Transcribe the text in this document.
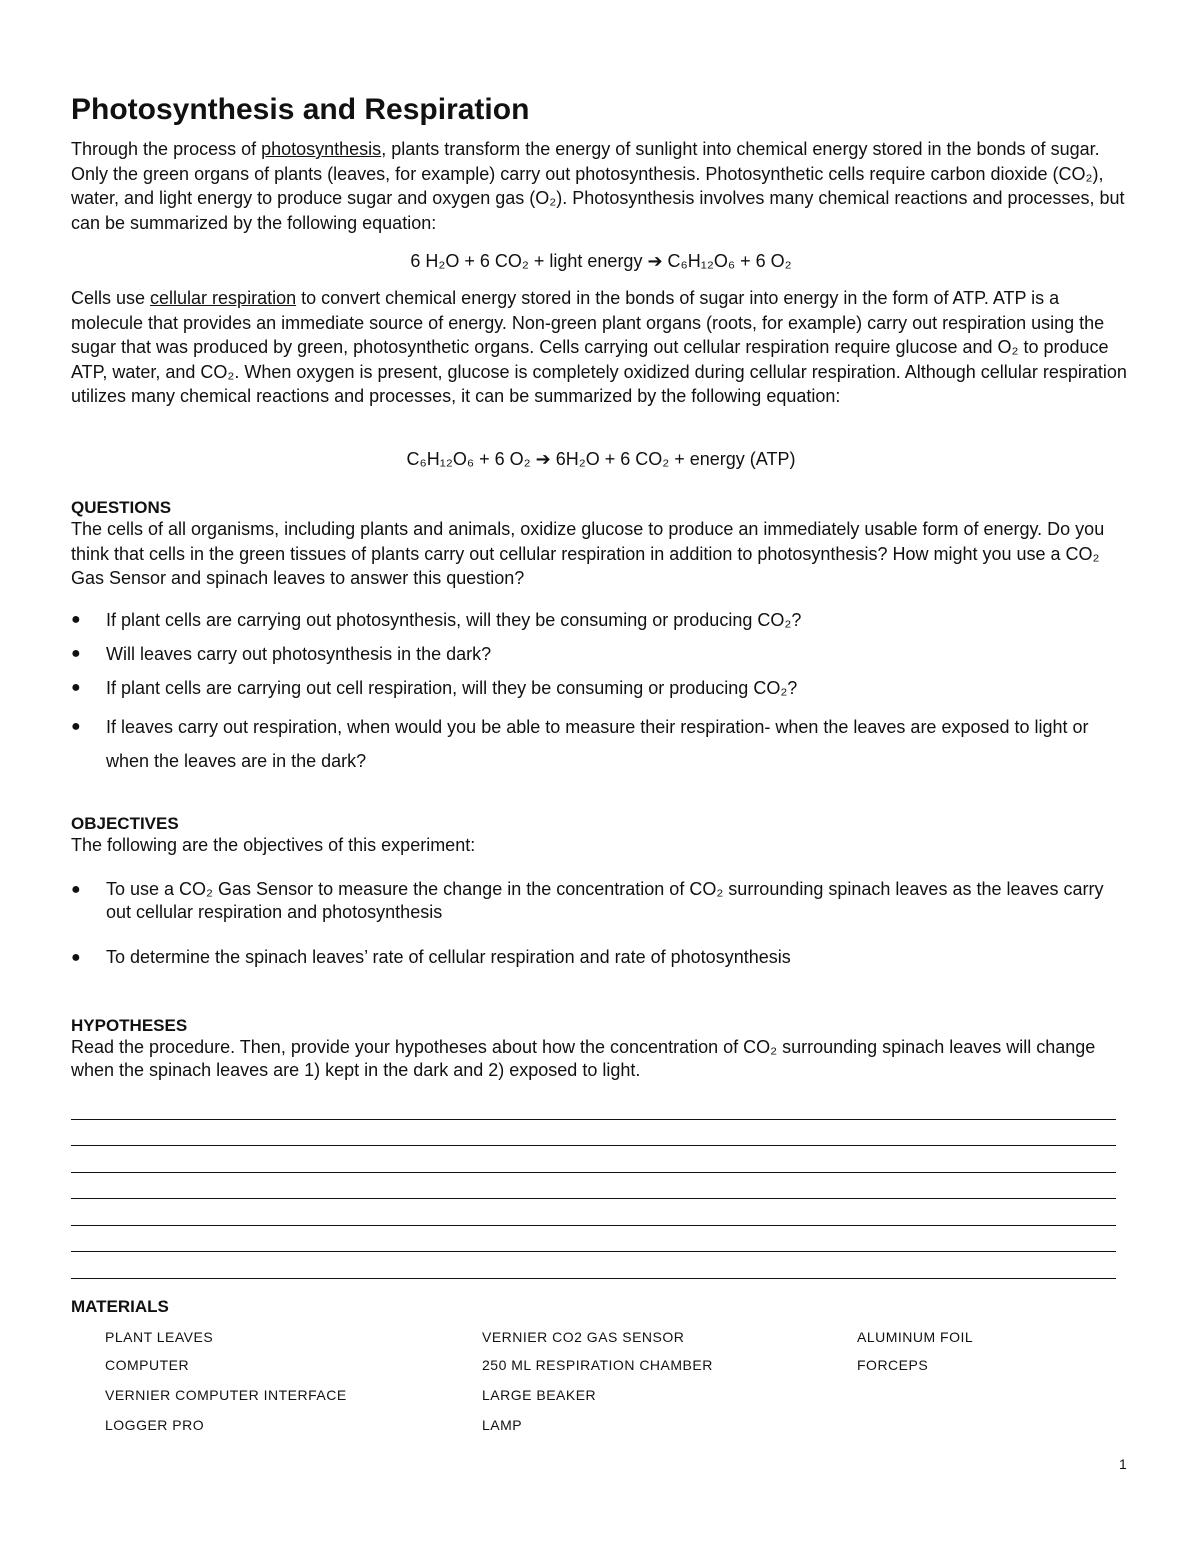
Photosynthesis and Respiration

Through the process of photosynthesis, plants transform the energy of sunlight into chemical energy stored in the bonds of sugar. Only the green organs of plants (leaves, for example) carry out photosynthesis. Photosynthetic cells require carbon dioxide (CO₂), water, and light energy to produce sugar and oxygen gas (O₂). Photosynthesis involves many chemical reactions and processes, but can be summarized by the following equation:

6 H₂O + 6 CO₂ + light energy ➔ C₆H₁₂O₆ + 6 O₂

Cells use cellular respiration to convert chemical energy stored in the bonds of sugar into energy in the form of ATP. ATP is a molecule that provides an immediate source of energy. Non-green plant organs (roots, for example) carry out respiration using the sugar that was produced by green, photosynthetic organs. Cells carrying out cellular respiration require glucose and O₂ to produce ATP, water, and CO₂. When oxygen is present, glucose is completely oxidized during cellular respiration. Although cellular respiration utilizes many chemical reactions and processes, it can be summarized by the following equation:

C₆H₁₂O₆ + 6 O₂ ➔ 6H₂O + 6 CO₂ + energy (ATP)

QUESTIONS

The cells of all organisms, including plants and animals, oxidize glucose to produce an immediately usable form of energy. Do you think that cells in the green tissues of plants carry out cellular respiration in addition to photosynthesis? How might you use a CO₂ Gas Sensor and spinach leaves to answer this question?

● If plant cells are carrying out photosynthesis, will they be consuming or producing CO₂?
● Will leaves carry out photosynthesis in the dark?
● If plant cells are carrying out cell respiration, will they be consuming or producing CO₂?
● If leaves carry out respiration, when would you be able to measure their respiration- when the leaves are exposed to light or when the leaves are in the dark?

OBJECTIVES

The following are the objectives of this experiment:

● To use a CO₂ Gas Sensor to measure the change in the concentration of CO₂ surrounding spinach leaves as the leaves carry out cellular respiration and photosynthesis
● To determine the spinach leaves’ rate of cellular respiration and rate of photosynthesis

HYPOTHESES

Read the procedure. Then, provide your hypotheses about how the concentration of CO₂ surrounding spinach leaves will change when the spinach leaves are 1) kept in the dark and 2) exposed to light.

MATERIALS

PLANT LEAVES

COMPUTER

VERNIER COMPUTER INTERFACE

LOGGER PRO

VERNIER CO2 GAS SENSOR

250 ML RESPIRATION CHAMBER

LARGE BEAKER

LAMP

ALUMINUM FOIL

FORCEPS

1
